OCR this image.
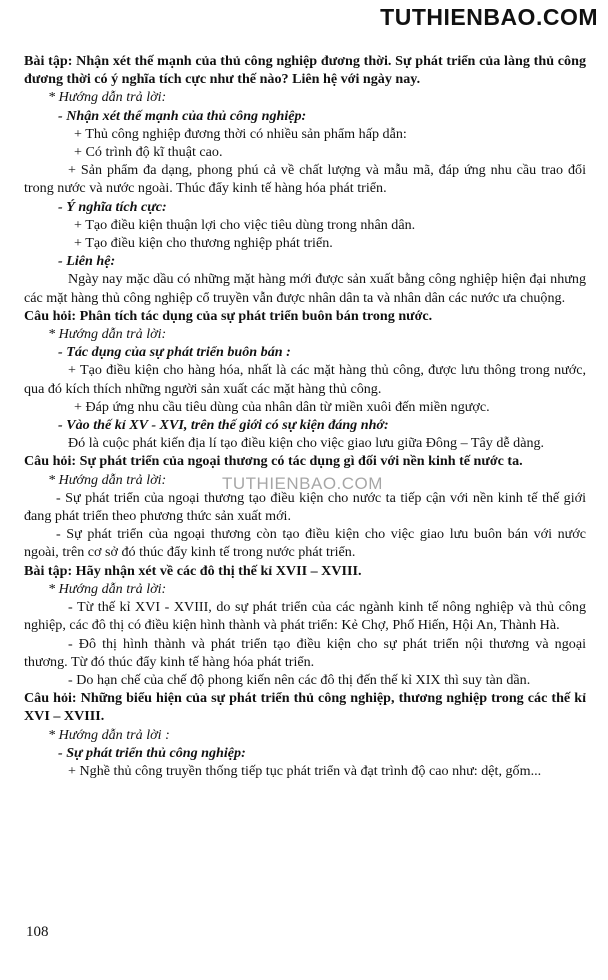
TUTHIENBAO.COM

Bài tập: Nhận xét thế mạnh của thủ công nghiệp đương thời. Sự phát triển của làng thủ công đương thời có ý nghĩa tích cực như thế nào? Liên hệ với ngày nay.

* Hướng dẫn trả lời:

- Nhận xét thế mạnh của thủ công nghiệp:

+ Thủ công nghiệp đương thời có nhiều sản phẩm hấp dẫn:

+ Có trình độ kĩ thuật cao.

+ Sản phẩm đa dạng, phong phú cả về chất lượng và mẫu mã, đáp ứng nhu cầu trao đổi trong nước và nước ngoài. Thúc đẩy kinh tế hàng hóa phát triển.

- Ý nghĩa tích cực:

+ Tạo điều kiện thuận lợi cho việc tiêu dùng trong nhân dân.

+ Tạo điều kiện cho thương nghiệp phát triển.

- Liên hệ:

Ngày nay mặc dầu có những mặt hàng mới được sản xuất bằng công nghiệp hiện đại nhưng các mặt hàng thủ công nghiệp cổ truyền vẫn được nhân dân ta và nhân dân các nước ưa chuộng.

Câu hỏi: Phân tích tác dụng của sự phát triển buôn bán trong nước.

* Hướng dẫn trả lời:

- Tác dụng của sự phát triển buôn bán :

+ Tạo điều kiện cho hàng hóa, nhất là các mặt hàng thủ công, được lưu thông trong nước, qua đó kích thích những người sản xuất các mặt hàng thủ công.

+ Đáp ứng nhu cầu tiêu dùng của nhân dân từ miền xuôi đến miền ngược.

- Vào thế kỉ XV - XVI, trên thế giới có sự kiện đáng nhớ:

Đó là cuộc phát kiến địa lí tạo điều kiện cho việc giao lưu giữa Đông – Tây dễ dàng.

Câu hỏi: Sự phát triển của ngoại thương có tác dụng gì đối với nền kinh tế nước ta.

* Hướng dẫn trả lời:

- Sự phát triển của ngoại thương tạo điều kiện cho nước ta tiếp cận với nền kinh tế thế giới đang phát triển theo phương thức sản xuất mới.

- Sự phát triển của ngoại thương còn tạo điều kiện cho việc giao lưu buôn bán với nước ngoài, trên cơ sở đó thúc đẩy kinh tế trong nước phát triển.

Bài tập: Hãy nhận xét về các đô thị thế kỉ XVII – XVIII.

* Hướng dẫn trả lời:

- Từ thế kỉ XVI - XVIII, do sự phát triển của các ngành kinh tế nông nghiệp và thủ công nghiệp, các đô thị có điều kiện hình thành và phát triển: Kẻ Chợ, Phố Hiến, Hội An, Thành Hà.

- Đô thị hình thành và phát triển tạo điều kiện cho sự phát triển nội thương và ngoại thương. Từ đó thúc đẩy kinh tế hàng hóa phát triển.

- Do hạn chế của chế độ phong kiến nên các đô thị đến thế kỉ XIX thì suy tàn dần.

Câu hỏi: Những biểu hiện của sự phát triển thủ công nghiệp, thương nghiệp trong các thế kỉ XVI – XVIII.

* Hướng dẫn trả lời :

- Sự phát triển thủ công nghiệp:

+ Nghề thủ công truyền thống tiếp tục phát triển và đạt trình độ cao như: dệt, gốm...

TUTHIENBAO.COM
108
